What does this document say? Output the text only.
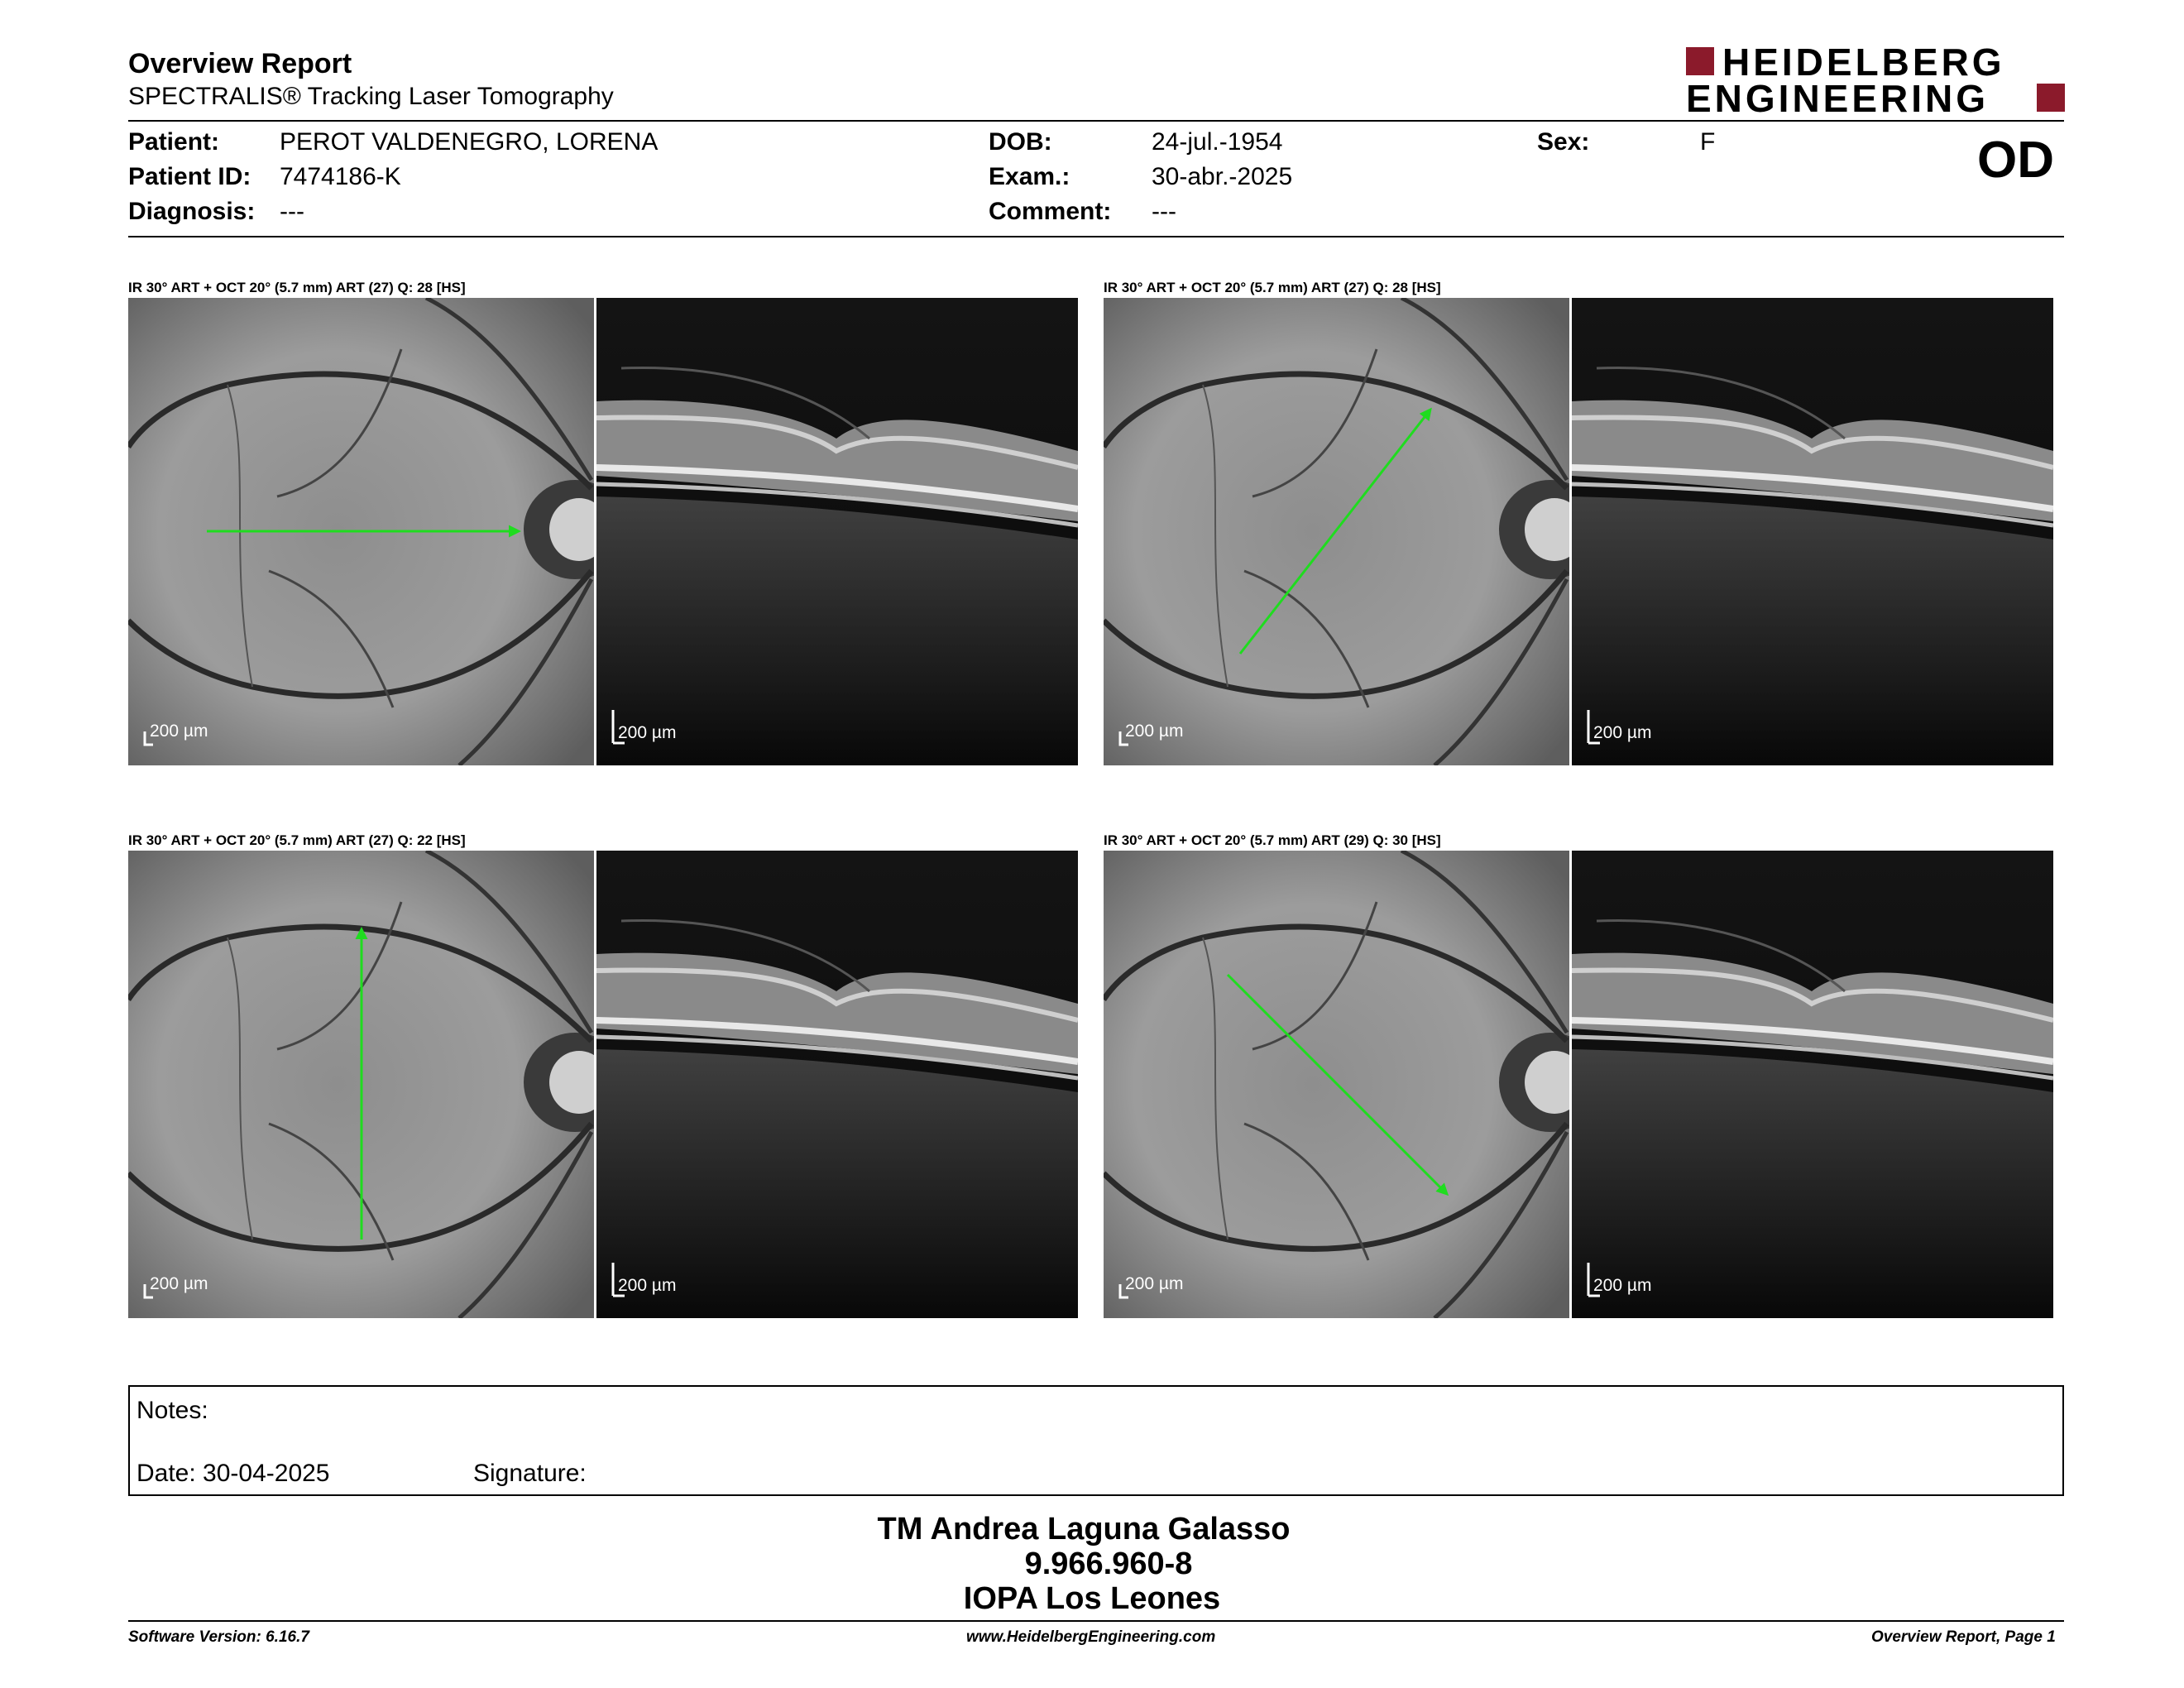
Overview Report
SPECTRALIS® Tracking Laser Tomography
HEIDELBERG
ENGINEERING
Patient: PEROT VALDENEGRO, LORENA
Patient ID: 7474186-K
Diagnosis: ---
DOB:	24-jul.-1954
Exam.:	30-abr.-2025
Comment: ---
Sex:	F	OD
IR 30° ART + OCT 20° (5.7 mm) ART (27) Q: 28 [HS]
200 µm	200 µm
IR 30° ART + OCT 20° (5.7 mm) ART (27) Q: 28 [HS]
200 µm	200 µm
IR 30° ART + OCT 20° (5.7 mm) ART (27) Q: 22 [HS]
200 µm	200 µm
IR 30° ART + OCT 20° (5.7 mm) ART (29) Q: 30 [HS]
200 µm	200 µm
Notes:
Date: 30-04-2025	Signature:
TM Andrea Laguna Galasso
9.966.960-8
IOPA Los Leones
Software Version: 6.16.7	www.HeidelbergEngineering.com	Overview Report, Page 1
